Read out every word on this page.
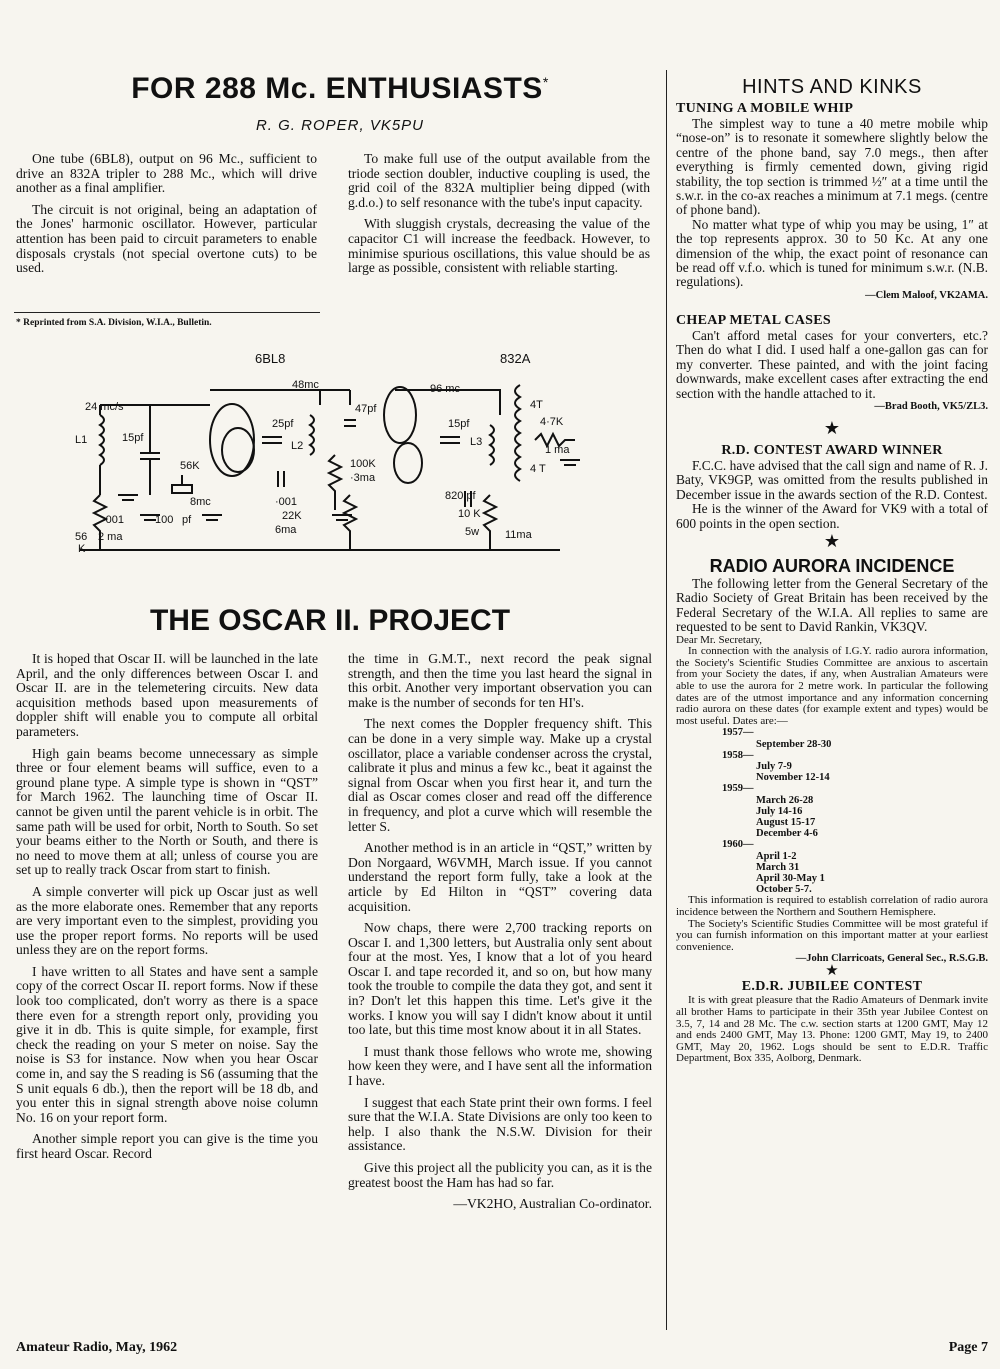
FOR 288 Mc. ENTHUSIASTS*
R. G. ROPER, VK5PU

One tube (6BL8), output on 96 Mc., sufficient to drive an 832A tripler to 288 Mc., which will drive another as a final amplifier.

The circuit is not original, being an adaptation of the Jones' harmonic oscillator. However, particular attention has been paid to circuit parameters to enable disposals crystals (not special overtone cuts) to be used.

* Reprinted from S.A. Division, W.I.A., Bulletin.

To make full use of the output available from the triode section doubler, inductive coupling is used, the grid coil of the 832A multiplier being dipped (with g.d.o.) to self resonance with the tube's input capacity.

With sluggish crystals, decreasing the value of the capacitor C1 will increase the feedback. However, to minimise spurious oscillations, this value should be as large as possible, consistent with reliable starting.

6BL8	832A
24 mc/s
48mc	96 mc
L1	15pf
25pf
L2
47pf
15pf
L3
56K
8mc
·001	100 pf
·001
22K
6ma
100K
·3ma
820 pf
10 K
5w 11ma
4T
4 T
4·7K
1 ma
56
K
2 ma
THE OSCAR II. PROJECT

It is hoped that Oscar II. will be launched in the late April, and the only differences between Oscar I. and Oscar II. are in the telemetering circuits. New data acquisition methods based upon measurements of doppler shift will enable you to compute all orbital parameters.

High gain beams become unnecessary as simple three or four element beams will suffice, even to a ground plane type. A simple type is shown in “QST” for March 1962. The launching time of Oscar II. cannot be given until the parent vehicle is in orbit. The same path will be used for orbit, North to South. So set your beams either to the North or South, and there is no need to move them at all; unless of course you are set up to really track Oscar from start to finish.

A simple converter will pick up Oscar just as well as the more elaborate ones. Remember that any reports are very important even to the simplest, providing you use the proper report forms. No reports will be used unless they are on the report forms.

I have written to all States and have sent a sample copy of the correct Oscar II. report forms. Now if these look too complicated, don't worry as there is a space there even for a strength report only, providing you give it in db. This is quite simple, for example, first check the reading on your S meter on noise. Say the noise is S3 for instance. Now when you hear Oscar come in, and say the S reading is S6 (assuming that the S unit equals 6 db.), then the report will be 18 db, and you enter this in signal strength above noise column No. 16 on your report form.

Another simple report you can give is the time you first heard Oscar. Record

the time in G.M.T., next record the peak signal strength, and then the time you last heard the signal in this orbit. Another very important observation you can make is the number of seconds for ten HI's.

The next comes the Doppler frequency shift. This can be done in a very simple way. Make up a crystal oscillator, place a variable condenser across the crystal, calibrate it plus and minus a few kc., beat it against the signal from Oscar when you first hear it, and turn the dial as Oscar comes closer and read off the difference in frequency, and plot a curve which will resemble the letter S.

Another method is in an article in “QST,” written by Don Norgaard, W6VMH, March issue. If you cannot understand the report form fully, take a look at the article by Ed Hilton in “QST” covering data acquisition.

Now chaps, there were 2,700 tracking reports on Oscar I. and 1,300 letters, but Australia only sent about four at the most. Yes, I know that a lot of you heard Oscar I. and tape recorded it, and so on, but how many took the trouble to compile the data they got, and sent it in? Don't let this happen this time. Let's give it the works. I know you will say I didn't know about it until too late, but this time most know about it in all States.

I must thank those fellows who wrote me, showing how keen they were, and I have sent all the information I have.

I suggest that each State print their own forms. I feel sure that the W.I.A. State Divisions are only too keen to help. I also thank the N.S.W. Division for their assistance.

Give this project all the publicity you can, as it is the greatest boost the Ham has had so far.

—VK2HO, Australian Co-ordinator.

HINTS AND KINKS
TUNING A MOBILE WHIP

The simplest way to tune a 40 metre mobile whip “nose-on” is to resonate it somewhere slightly below the centre of the phone band, say 7.0 megs., then after everything is firmly cemented down, giving rigid stability, the top section is trimmed ½″ at a time until the s.w.r. in the co-ax reaches a minimum at 7.1 megs. (centre of phone band).

No matter what type of whip you may be using, 1″ at the top represents approx. 30 to 50 Kc. At any one dimension of the whip, the exact point of resonance can be read off v.f.o. which is tuned for minimum s.w.r. (N.B. regulations).

—Clem Maloof, VK2AMA.
CHEAP METAL CASES

Can't afford metal cases for your converters, etc.? Then do what I did. I used half a one-gallon gas can for my converter. These painted, and with the joint facing downwards, make excellent cases after extracting the end section with the handle attached to it.

—Brad Booth, VK5/ZL3.
★
R.D. CONTEST AWARD WINNER

F.C.C. have advised that the call sign and name of R. J. Baty, VK9GP, was omitted from the results published in December issue in the awards section of the R.D. Contest.

He is the winner of the Award for VK9 with a total of 600 points in the open section.

★
RADIO AURORA INCIDENCE

The following letter from the General Secretary of the Radio Society of Great Britain has been received by the Federal Secretary of the W.I.A. All replies to same are requested to be sent to David Rankin, VK3QV.

Dear Mr. Secretary,

In connection with the analysis of I.G.Y. radio aurora information, the Society's Scientific Studies Committee are anxious to ascertain from your Society the dates, if any, when Australian Amateurs were able to use the aurora for 2 metre work. In particular the following dates are of the utmost importance and any information concerning radio aurora on these dates (for example extent and types) would be most useful. Dates are:—

1957—
September 28-30
1958—
July 7-9
November 12-14
1959—
March 26-28
July 14-16
August 15-17
December 4-6
1960—
April 1-2
March 31
April 30-May 1
October 5-7.

This information is required to establish correlation of radio aurora incidence between the Northern and Southern Hemisphere.

The Society's Scientific Studies Committee will be most grateful if you can furnish information on this important matter at your earliest convenience.

—John Clarricoats, General Sec., R.S.G.B.
★
E.D.R. JUBILEE CONTEST

It is with great pleasure that the Radio Amateurs of Denmark invite all brother Hams to participate in their 35th year Jubilee Contest on 3.5, 7, 14 and 28 Mc. The c.w. section starts at 1200 GMT, May 12 and ends 2400 GMT, May 13. Phone: 1200 GMT, May 19, to 2400 GMT, May 20, 1962. Logs should be sent to E.D.R. Traffic Department, Box 335, Aolborg, Denmark.

Amateur Radio, May, 1962	Page 7
